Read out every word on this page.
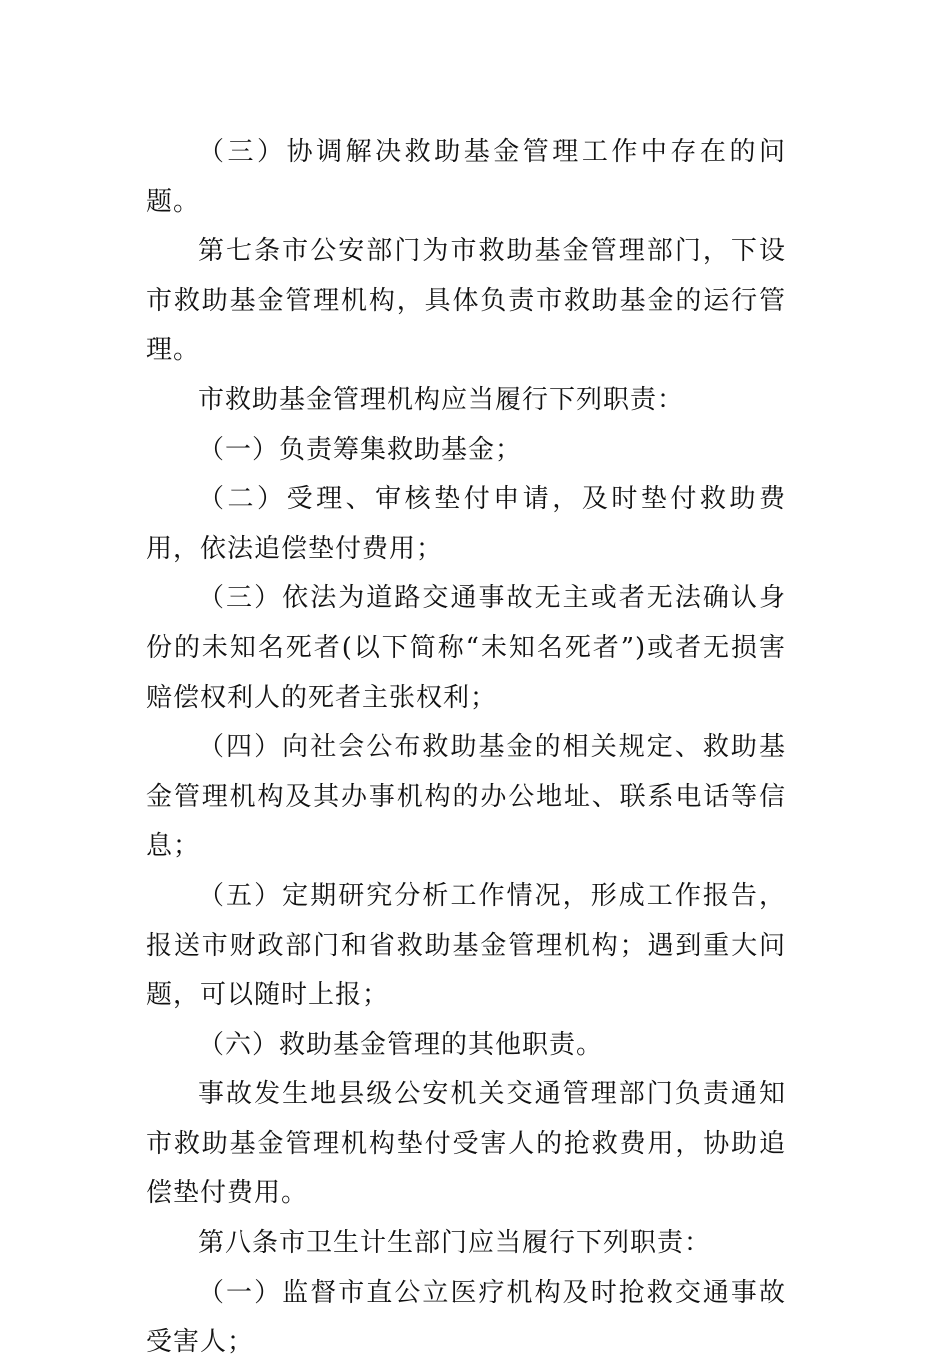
（三）协调解决救助基金管理工作中存在的问题。

第七条市公安部门为市救助基金管理部门，下设市救助基金管理机构，具体负责市救助基金的运行管理。

市救助基金管理机构应当履行下列职责：

（一）负责筹集救助基金；

（二）受理、审核垫付申请，及时垫付救助费用，依法追偿垫付费用；

（三）依法为道路交通事故无主或者无法确认身份的未知名死者(以下简称“未知名死者”)或者无损害赔偿权利人的死者主张权利；

（四）向社会公布救助基金的相关规定、救助基金管理机构及其办事机构的办公地址、联系电话等信息；

（五）定期研究分析工作情况，形成工作报告，报送市财政部门和省救助基金管理机构；遇到重大问题，可以随时上报；

（六）救助基金管理的其他职责。

事故发生地县级公安机关交通管理部门负责通知市救助基金管理机构垫付受害人的抢救费用，协助追偿垫付费用。

第八条市卫生计生部门应当履行下列职责：

（一）监督市直公立医疗机构及时抢救交通事故受害人；
